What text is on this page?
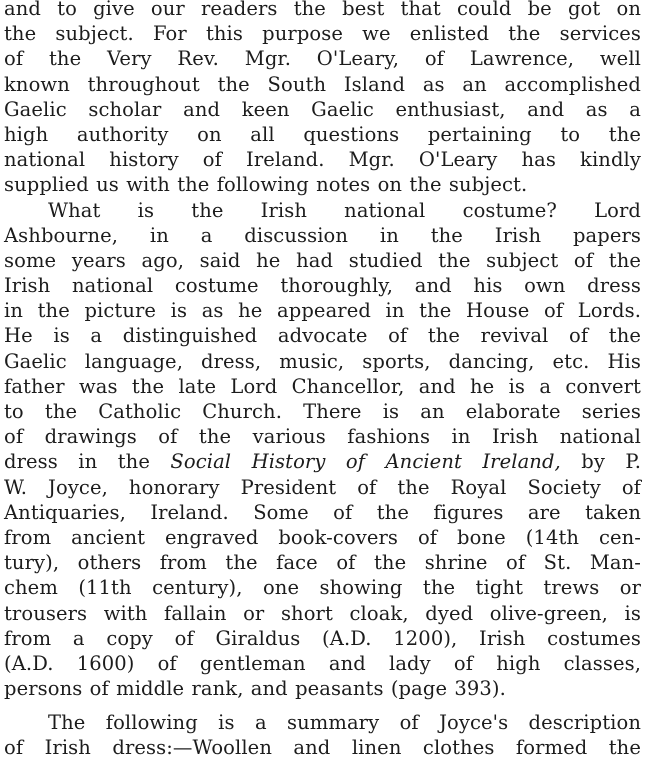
and to give our readers the best that could be got on
the subject. For this purpose we enlisted the services
of the Very Rev. Mgr. O'Leary, of Lawrence, well
known throughout the South Island as an accomplished
Gaelic scholar and keen Gaelic enthusiast, and as a
high authority on all questions pertaining to the
national history of Ireland. Mgr. O'Leary has kindly
supplied us with the following notes on the subject.
What is the Irish national costume? Lord
Ashbourne, in a discussion in the Irish papers
some years ago, said he had studied the subject of the
Irish national costume thoroughly, and his own dress
in the picture is as he appeared in the House of Lords.
He is a distinguished advocate of the revival of the
Gaelic language, dress, music, sports, dancing, etc. His
father was the late Lord Chancellor, and he is a convert
to the Catholic Church. There is an elaborate series
of drawings of the various fashions in Irish national
dress in the Social History of Ancient Ireland, by P.
W. Joyce, honorary President of the Royal Society of
Antiquaries, Ireland. Some of the figures are taken
from ancient engraved book-covers of bone (14th cen-
tury), others from the face of the shrine of St. Man-
chem (11th century), one showing the tight trews or
trousers with fallain or short cloak, dyed olive-green, is
from a copy of Giraldus (A.D. 1200), Irish costumes
(A.D. 1600) of gentleman and lady of high classes,
persons of middle rank, and peasants (page 393).
The following is a summary of Joyce's description
of Irish dress:—Woollen and linen clothes formed the
